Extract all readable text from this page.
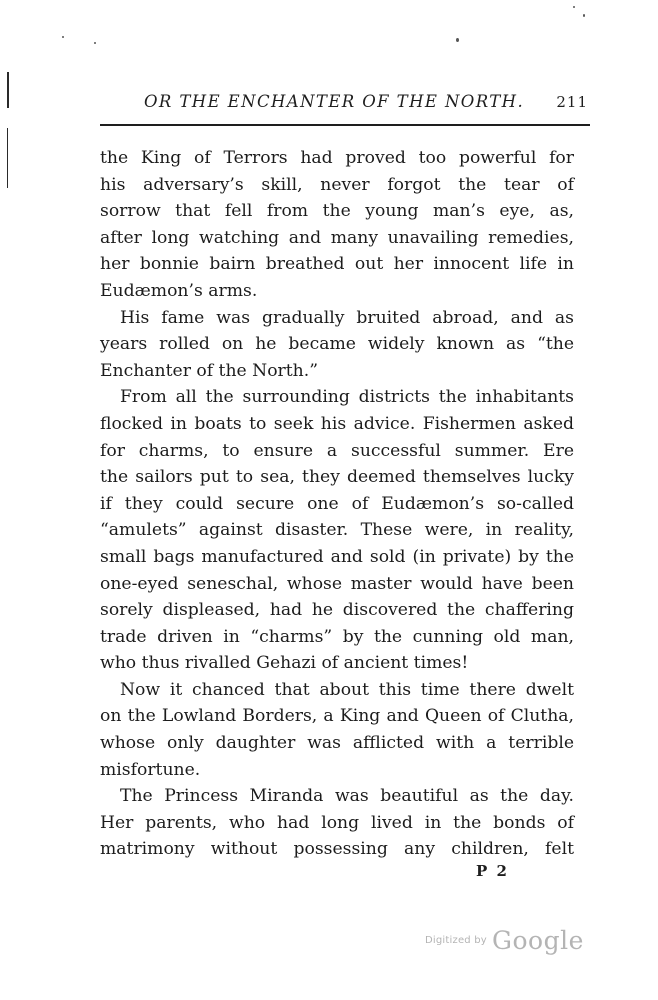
OR THE ENCHANTER OF THE NORTH. 211
the King of Terrors had proved too powerful for
his adversary’s skill, never forgot the tear of
sorrow that fell from the young man’s eye, as,
after long watching and many unavailing remedies,
her bonnie bairn breathed out her innocent life in
Eudæmon’s arms.
His fame was gradually bruited abroad, and as
years rolled on he became widely known as “the
Enchanter of the North.”
From all the surrounding districts the inhabitants
flocked in boats to seek his advice. Fishermen asked
for charms, to ensure a successful summer. Ere
the sailors put to sea, they deemed themselves lucky
if they could secure one of Eudæmon’s so-called
“amulets” against disaster. These were, in reality,
small bags manufactured and sold (in private) by the
one-eyed seneschal, whose master would have been
sorely displeased, had he discovered the chaffering
trade driven in “charms” by the cunning old man,
who thus rivalled Gehazi of ancient times!
Now it chanced that about this time there dwelt
on the Lowland Borders, a King and Queen of Clutha,
whose only daughter was afflicted with a terrible
misfortune.
The Princess Miranda was beautiful as the day.
Her parents, who had long lived in the bonds of
matrimony without possessing any children, felt
P 2
Digitized by Google
